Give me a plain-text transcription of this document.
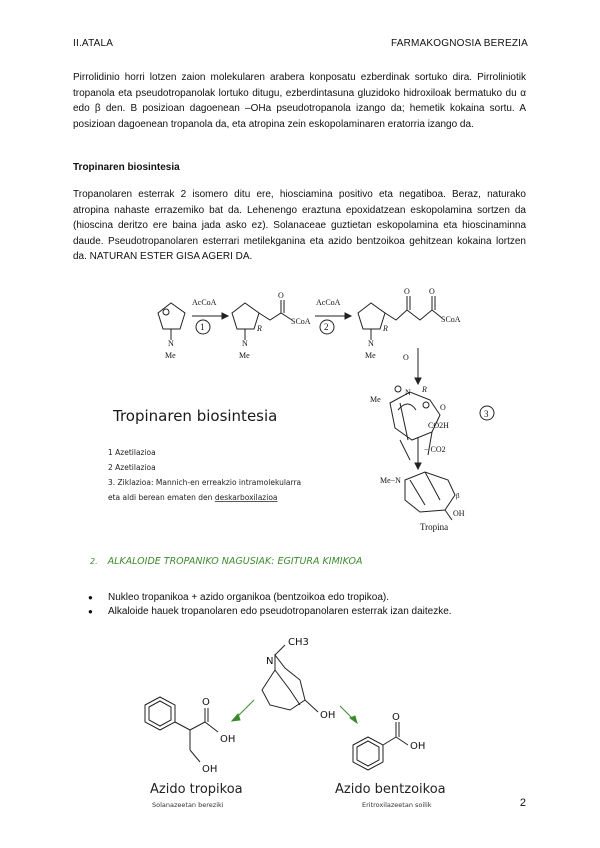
II.ATALA	FARMAKOGNOSIA BEREZIA

Pirrolidinio horri lotzen zaion molekularen arabera konposatu ezberdinak sortuko dira. Pirroliniotik tropanola eta pseudotropanolak lortuko ditugu, ezberdintasuna gluzidoko hidroxiloak bermatuko du α edo β den. B posizioan dagoenean –OHa pseudotropanola izango da; hemetik kokaina sortu. A posizioan dagoenean tropanola da, eta atropina zein eskopolaminaren eratorria izango da.

Tropinaren biosintesia

Tropanolaren esterrak 2 isomero ditu ere, hiosciamina positivo eta negatiboa. Beraz, naturako atropina nahaste errazemiko bat da. Lehenengo eraztuna epoxidatzean eskopolamina sortzen da (hioscina deritzo ere baina jada asko ez). Solanaceae guztietan eskopolamina eta hioscinaminna daude. Pseudotropanolaren esterrari metilekganina eta azido bentzoikoa gehitzean kokaina lortzen da. NATURAN ESTER GISA AGERI DA.

N
Me
AcCoA
1
N
Me
R
O
SCoA
AcCoA
2
N
Me
R
O O
SCoA
O
Me
N R
O
CO2H
3
− CO2
Me−N
β
OH
Tropina
Tropinaren biosintesia
1 Azetilazioa
2 Azetilazioa
3. Ziklazioa: Mannich-en erreakzio intramolekularra
eta aldi berean ematen den deskarboxilazioa
2. ALKALOIDE TROPANIKO NAGUSIAK: EGITURA KIMIKOA
● Nukleo tropanikoa + azido organikoa (bentzoikoa edo tropikoa).
● Alkaloide hauek tropanolaren edo pseudotropanolaren esterrak izan daitezke.
CH3
N
OH
O
OH
OH
O
OH
Azido tropikoa
Solanazeetan bereziki
Azido bentzoikoa
Eritroxilazeetan soilik	2
